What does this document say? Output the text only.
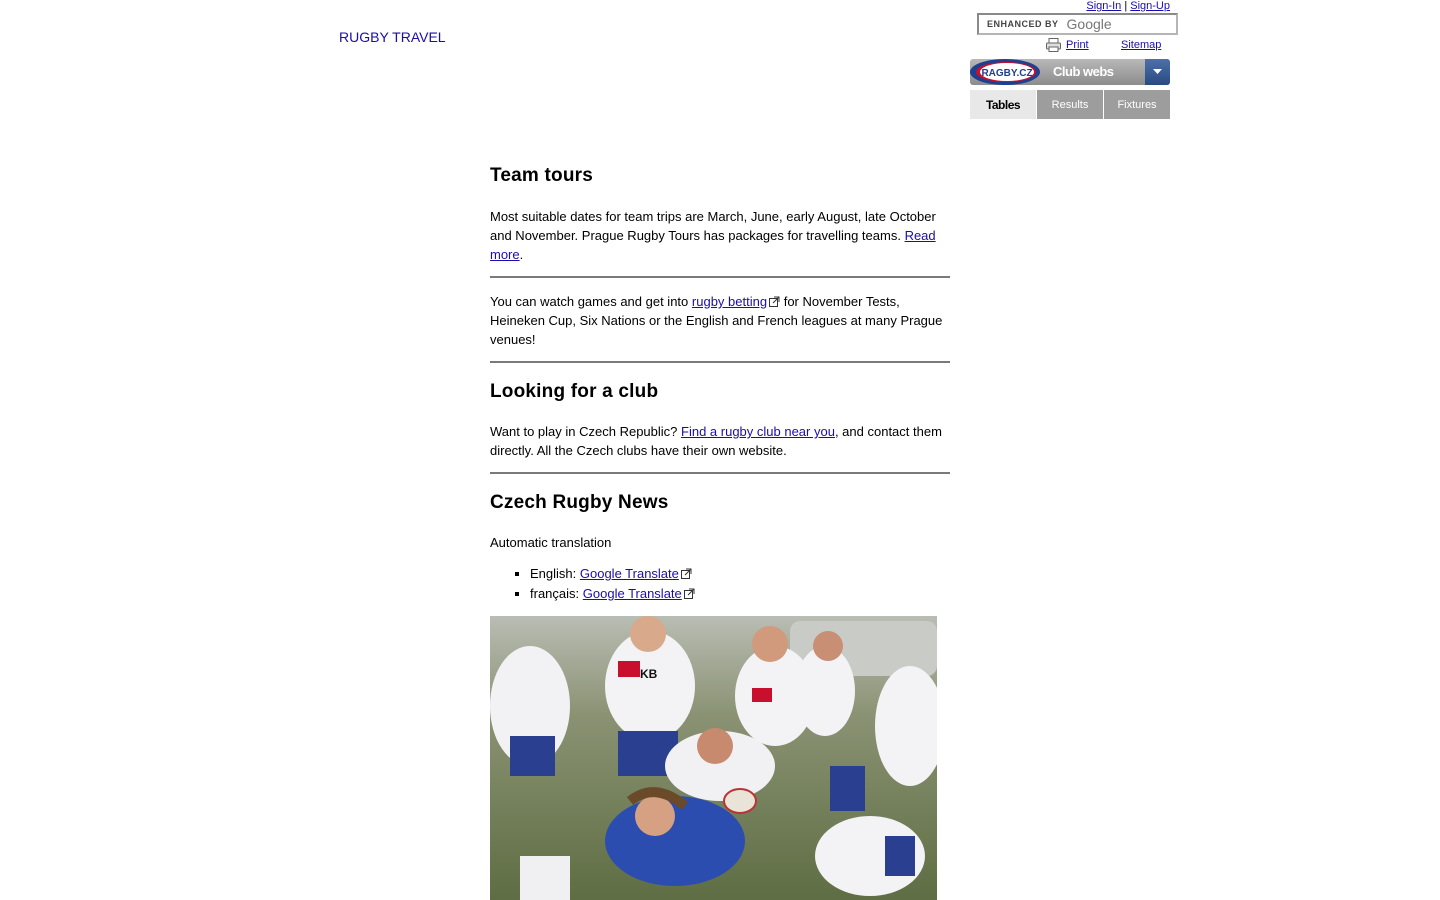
RUGBY TRAVEL
Sign-In | Sign-Up
ENHANCED BY Google
Print	Sitemap
RAGBY.CZ Club webs
Tables	Results	Fixtures
Team tours

Most suitable dates for team trips are March, June, early August, late October and November. Prague Rugby Tours has packages for travelling teams. Read more.

You can watch games and get into rugby betting for November Tests, Heineken Cup, Six Nations or the English and French leagues at many Prague venues!

Looking for a club

Want to play in Czech Republic? Find a rugby club near you, and contact them directly. All the Czech clubs have their own website.

Czech Rugby News

Automatic translation

▪ English: Google Translate
▪ français: Google Translate
KB
